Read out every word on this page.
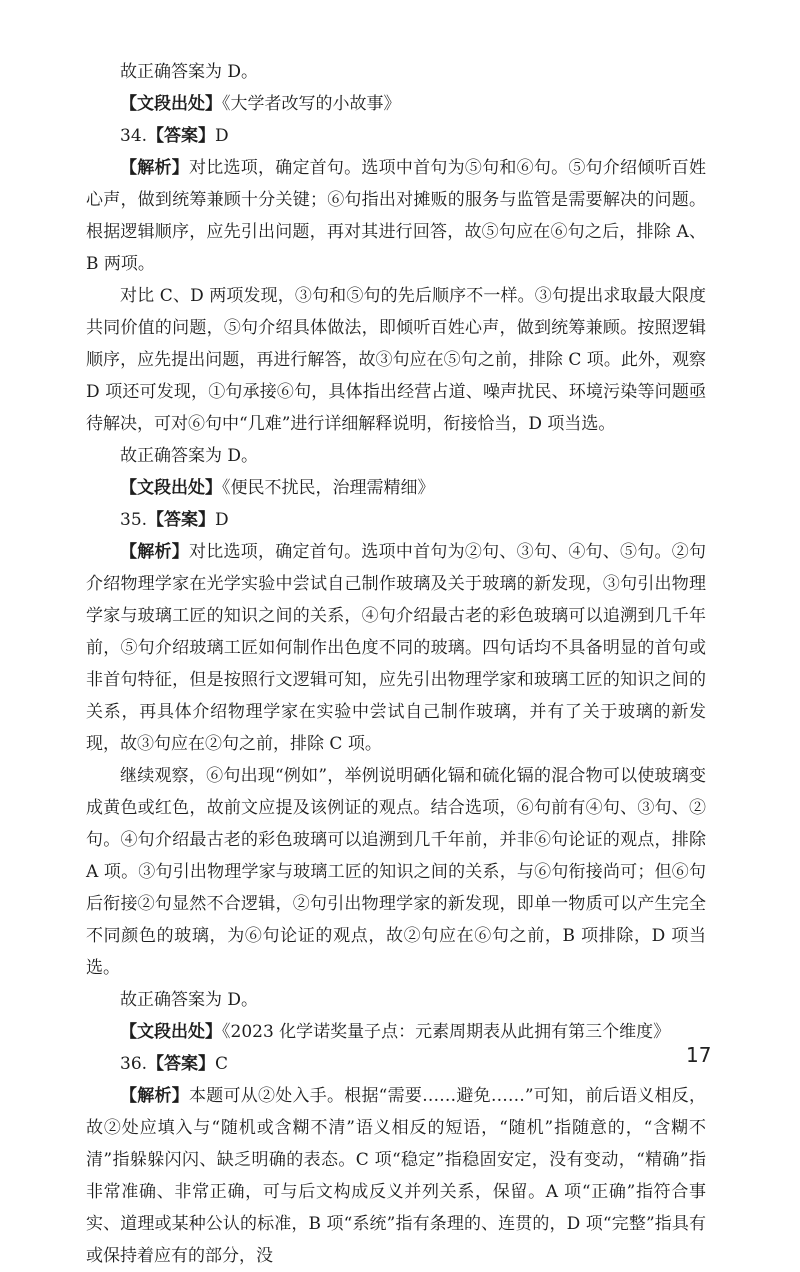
故正确答案为 D。

【文段出处】《大学者改写的小故事》

34.【答案】D

【解析】对比选项，确定首句。选项中首句为⑤句和⑥句。⑤句介绍倾听百姓心声，做到统筹兼顾十分关键；⑥句指出对摊贩的服务与监管是需要解决的问题。根据逻辑顺序，应先引出问题，再对其进行回答，故⑤句应在⑥句之后，排除 A、B 两项。

对比 C、D 两项发现，③句和⑤句的先后顺序不一样。③句提出求取最大限度共同价值的问题，⑤句介绍具体做法，即倾听百姓心声，做到统筹兼顾。按照逻辑顺序，应先提出问题，再进行解答，故③句应在⑤句之前，排除 C 项。此外，观察 D 项还可发现，①句承接⑥句，具体指出经营占道、噪声扰民、环境污染等问题亟待解决，可对⑥句中“几难”进行详细解释说明，衔接恰当，D 项当选。

故正确答案为 D。

【文段出处】《便民不扰民，治理需精细》

35.【答案】D

【解析】对比选项，确定首句。选项中首句为②句、③句、④句、⑤句。②句介绍物理学家在光学实验中尝试自己制作玻璃及关于玻璃的新发现，③句引出物理学家与玻璃工匠的知识之间的关系，④句介绍最古老的彩色玻璃可以追溯到几千年前，⑤句介绍玻璃工匠如何制作出色度不同的玻璃。四句话均不具备明显的首句或非首句特征，但是按照行文逻辑可知，应先引出物理学家和玻璃工匠的知识之间的关系，再具体介绍物理学家在实验中尝试自己制作玻璃，并有了关于玻璃的新发现，故③句应在②句之前，排除 C 项。

继续观察，⑥句出现“例如”，举例说明硒化镉和硫化镉的混合物可以使玻璃变成黄色或红色，故前文应提及该例证的观点。结合选项，⑥句前有④句、③句、②句。④句介绍最古老的彩色玻璃可以追溯到几千年前，并非⑥句论证的观点，排除 A 项。③句引出物理学家与玻璃工匠的知识之间的关系，与⑥句衔接尚可；但⑥句后衔接②句显然不合逻辑，②句引出物理学家的新发现，即单一物质可以产生完全不同颜色的玻璃，为⑥句论证的观点，故②句应在⑥句之前，B 项排除，D 项当选。

故正确答案为 D。

【文段出处】《2023 化学诺奖量子点：元素周期表从此拥有第三个维度》

36.【答案】C

【解析】本题可从②处入手。根据“需要……避免……”可知，前后语义相反，故②处应填入与“随机或含糊不清”语义相反的短语，“随机”指随意的，“含糊不清”指躲躲闪闪、缺乏明确的表态。C 项“稳定”指稳固安定，没有变动，“精确”指非常准确、非常正确，可与后文构成反义并列关系，保留。A 项“正确”指符合事实、道理或某种公认的标准，B 项“系统”指有条理的、连贯的，D 项“完整”指具有或保持着应有的部分，没

17
